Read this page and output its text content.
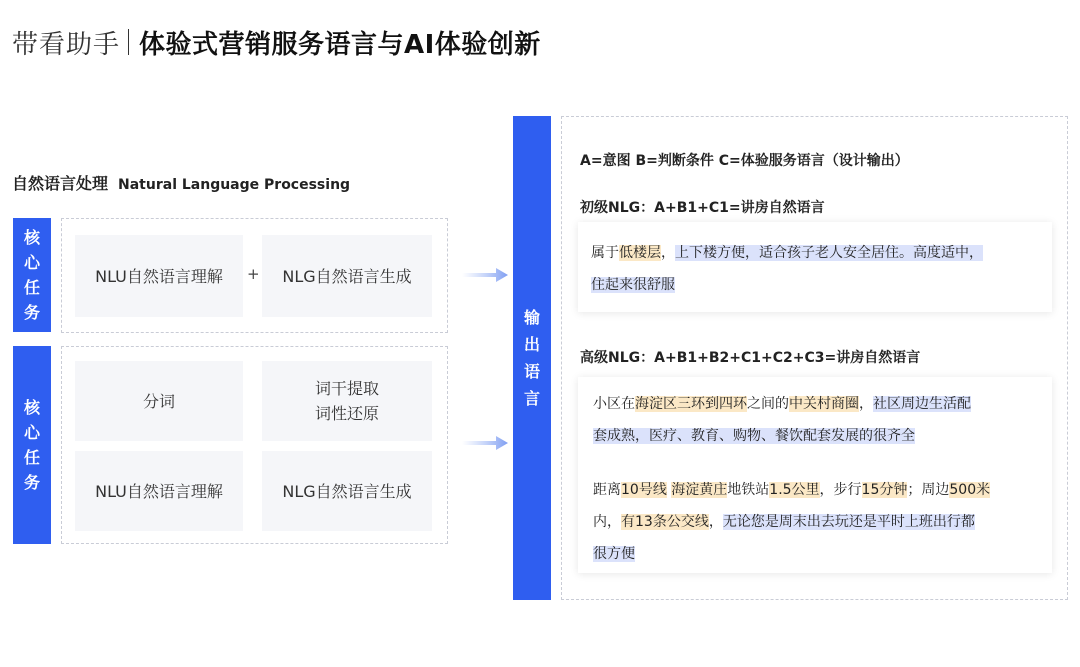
带看助手 体验式营销服务语言与AI体验创新
自然语言处理 Natural Language Processing
核
心
任
务
NLU自然语言理解 + NLG自然语言生成
核
心
任
务
分词
词干提取
词性还原
NLU自然语言理解	NLG自然语言生成
输
出
语
言
A=意图 B=判断条件 C=体验服务语言（设计输出）
初级NLG：A+B1+C1=讲房自然语言

属于低楼层，上下楼方便，适合孩子老人安全居住。高度适中，
住起来很舒服

高级NLG：A+B1+B2+C1+C2+C3=讲房自然语言

小区在海淀区三环到四环之间的中关村商圈，社区周边生活配
套成熟，医疗、教育、购物、餐饮配套发展的很齐全

距离10号线 海淀黄庄地铁站1.5公里，步行15分钟；周边500米
内，有13条公交线，无论您是周末出去玩还是平时上班出行都
很方便
